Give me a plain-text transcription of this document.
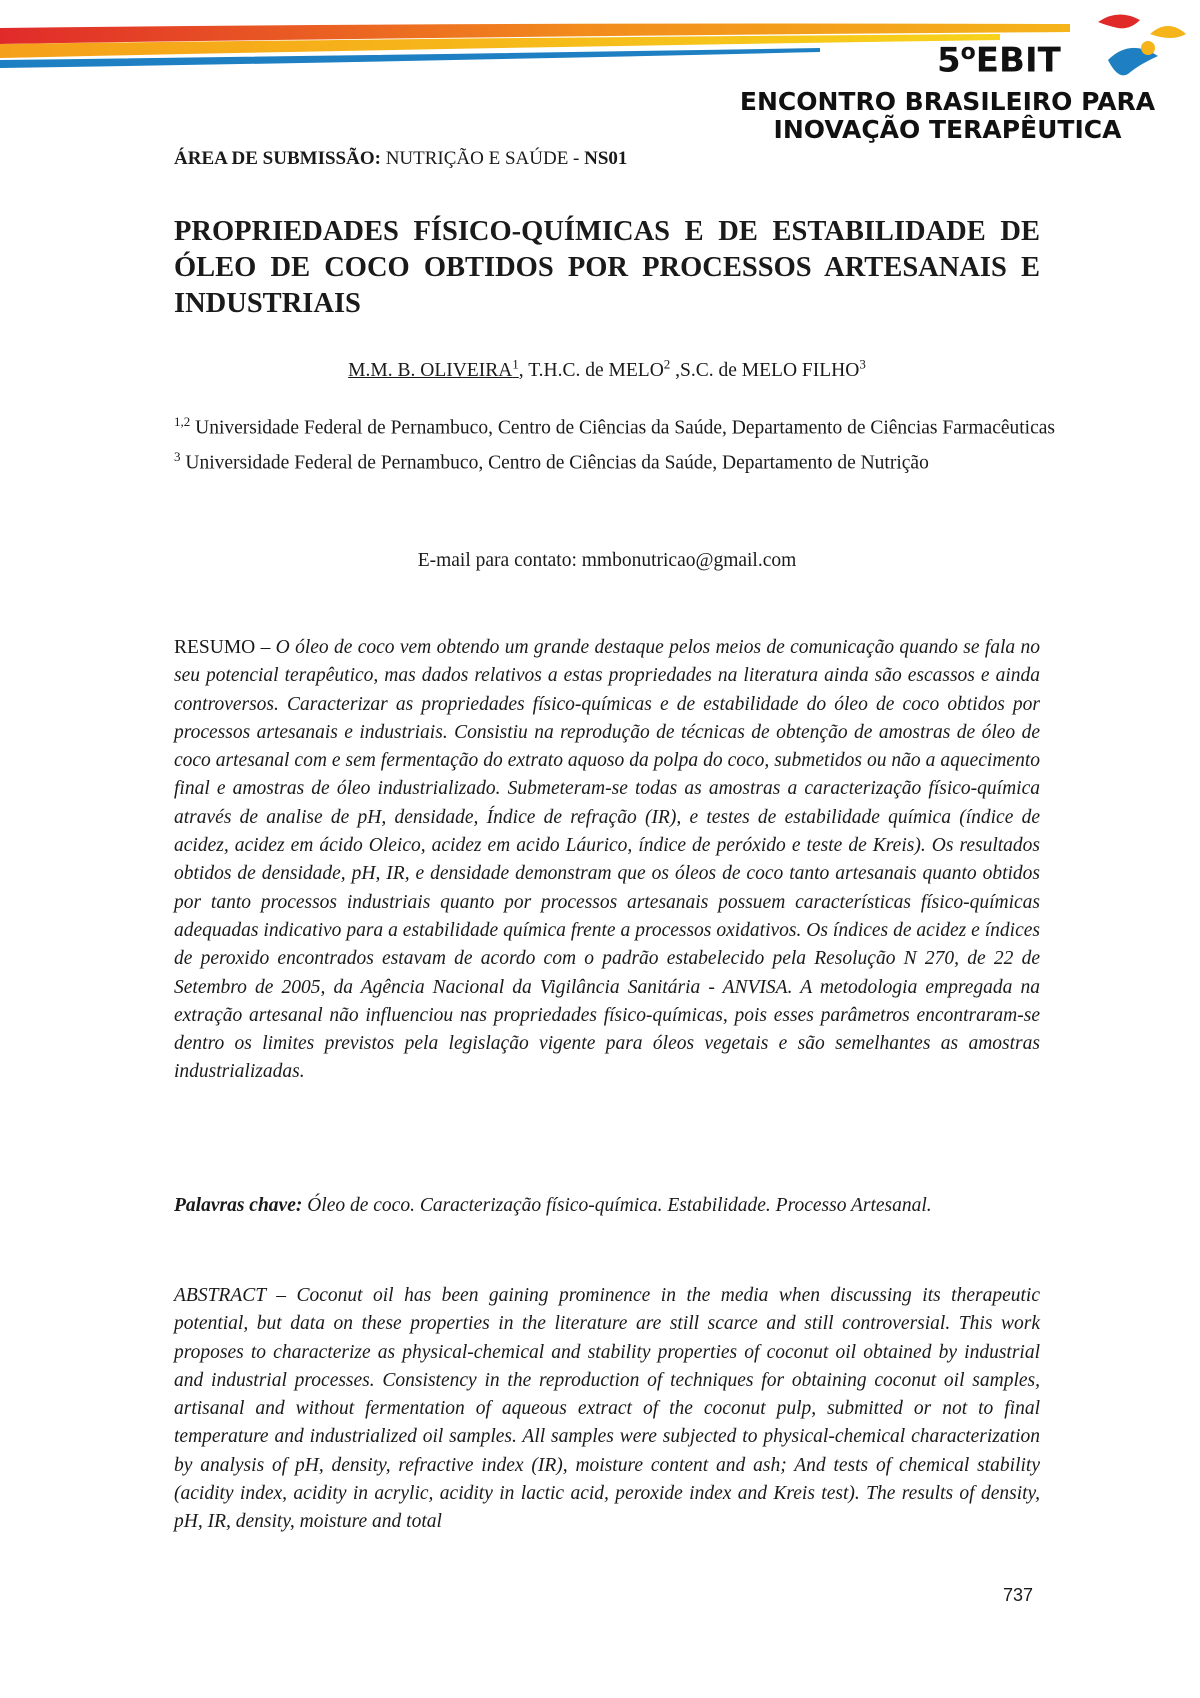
5$^o$EBIT
ENCONTRO BRASILEIRO PARA
INOVAÇÃO TERAPÊUTICA
ÁREA DE SUBMISSÃO: NUTRIÇÃO E SAÚDE - NS01
PROPRIEDADES FÍSICO-QUÍMICAS E DE ESTABILIDADE DE ÓLEO DE COCO OBTIDOS POR PROCESSOS ARTESANAIS E INDUSTRIAIS
M.M. B. OLIVEIRA$^1$, T.H.C. de MELO$^2$ ,S.C. de MELO FILHO$^3$

$^{1,2}$ Universidade Federal de Pernambuco, Centro de Ciências da Saúde, Departamento de Ciências Farmacêuticas

$^3$ Universidade Federal de Pernambuco, Centro de Ciências da Saúde, Departamento de Nutrição

E-mail para contato: mmbonutricao@gmail.com

RESUMO – O óleo de coco vem obtendo um grande destaque pelos meios de comunicação quando se fala no seu potencial terapêutico, mas dados relativos a estas propriedades na literatura ainda são escassos e ainda controversos. Caracterizar as propriedades físico-químicas e de estabilidade do óleo de coco obtidos por processos artesanais e industriais. Consistiu na reprodução de técnicas de obtenção de amostras de óleo de coco artesanal com e sem fermentação do extrato aquoso da polpa do coco, submetidos ou não a aquecimento final e amostras de óleo industrializado. Submeteram-se todas as amostras a caracterização físico-química através de analise de pH, densidade, Índice de refração (IR), e testes de estabilidade química (índice de acidez, acidez em ácido Oleico, acidez em acido Láurico, índice de peróxido e teste de Kreis). Os resultados obtidos de densidade, pH, IR, e densidade demonstram que os óleos de coco tanto artesanais quanto obtidos por tanto processos industriais quanto por processos artesanais possuem características físico-químicas adequadas indicativo para a estabilidade química frente a processos oxidativos. Os índices de acidez e índices de peroxido encontrados estavam de acordo com o padrão estabelecido pela Resolução N 270, de 22 de Setembro de 2005, da Agência Nacional da Vigilância Sanitária - ANVISA. A metodologia empregada na extração artesanal não influenciou nas propriedades físico-químicas, pois esses parâmetros encontraram-se dentro os limites previstos pela legislação vigente para óleos vegetais e são semelhantes as amostras industrializadas.

Palavras chave: Óleo de coco. Caracterização físico-química. Estabilidade. Processo Artesanal.

ABSTRACT – Coconut oil has been gaining prominence in the media when discussing its therapeutic potential, but data on these properties in the literature are still scarce and still controversial. This work proposes to characterize as physical-chemical and stability properties of coconut oil obtained by industrial and industrial processes. Consistency in the reproduction of techniques for obtaining coconut oil samples, artisanal and without fermentation of aqueous extract of the coconut pulp, submitted or not to final temperature and industrialized oil samples. All samples were subjected to physical-chemical characterization by analysis of pH, density, refractive index (IR), moisture content and ash; And tests of chemical stability (acidity index, acidity in acrylic, acidity in lactic acid, peroxide index and Kreis test). The results of density, pH, IR, density, moisture and total

737
